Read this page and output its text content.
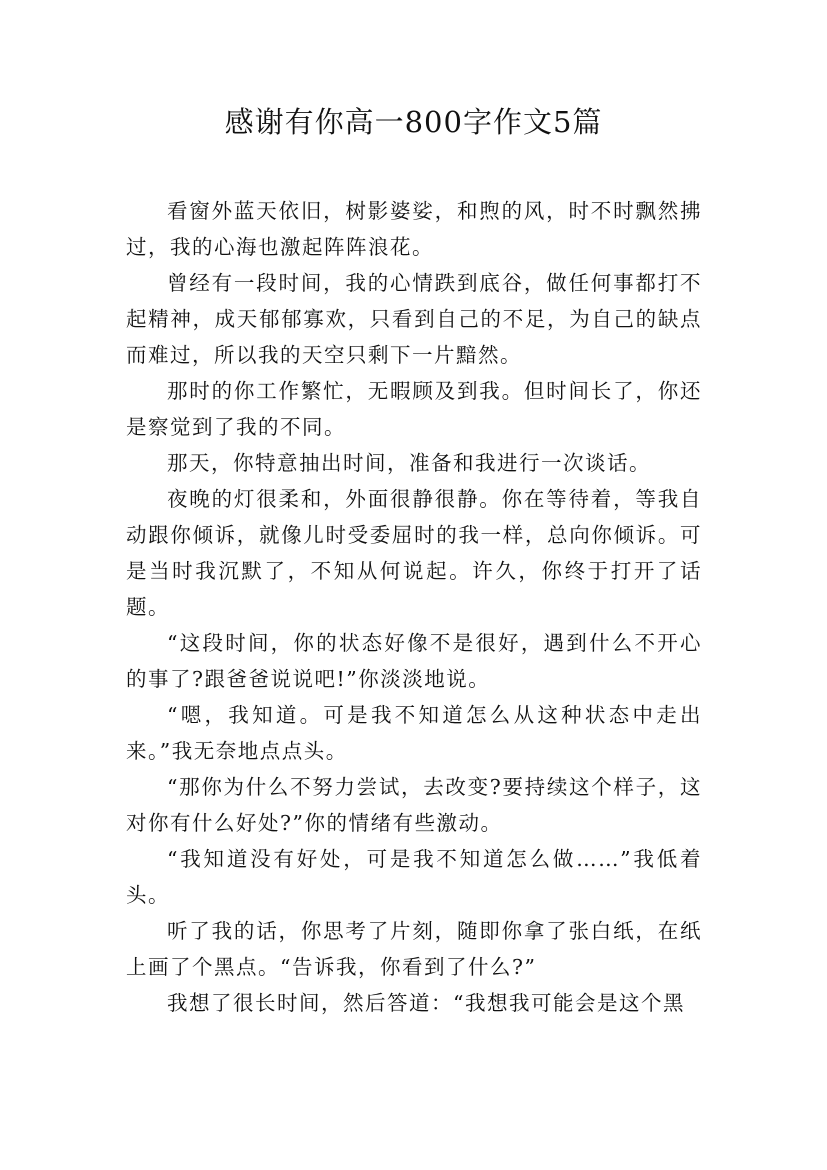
感谢有你高一800字作文5篇

看窗外蓝天依旧，树影婆娑，和煦的风，时不时飘然拂过，我的心海也激起阵阵浪花。

曾经有一段时间，我的心情跌到底谷，做任何事都打不起精神，成天郁郁寡欢，只看到自己的不足，为自己的缺点而难过，所以我的天空只剩下一片黯然。

那时的你工作繁忙，无暇顾及到我。但时间长了，你还是察觉到了我的不同。

那天，你特意抽出时间，准备和我进行一次谈话。

夜晚的灯很柔和，外面很静很静。你在等待着，等我自动跟你倾诉，就像儿时受委屈时的我一样，总向你倾诉。可是当时我沉默了，不知从何说起。许久，你终于打开了话题。

“这段时间，你的状态好像不是很好，遇到什么不开心的事了?跟爸爸说说吧!”你淡淡地说。

“嗯，我知道。可是我不知道怎么从这种状态中走出来。”我无奈地点点头。

“那你为什么不努力尝试，去改变?要持续这个样子，这对你有什么好处?”你的情绪有些激动。

“我知道没有好处，可是我不知道怎么做……”我低着头。

听了我的话，你思考了片刻，随即你拿了张白纸，在纸上画了个黑点。“告诉我，你看到了什么?”

我想了很长时间，然后答道：“我想我可能会是这个黑
